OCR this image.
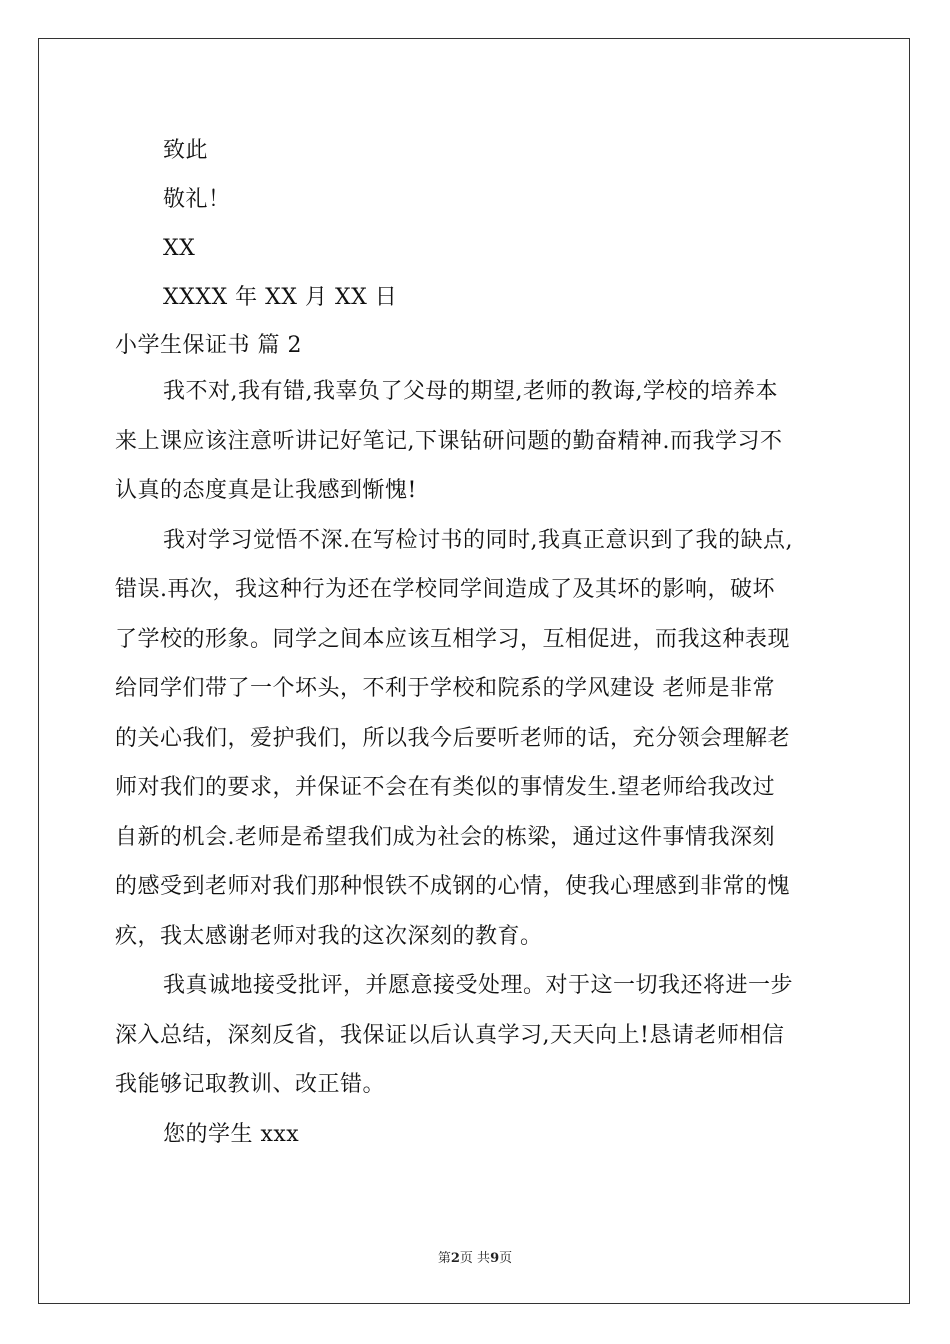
致此
敬礼！
XX
XXXX 年 XX 月 XX 日
小学生保证书 篇 2
我不对,我有错,我辜负了父母的期望,老师的教诲,学校的培养本
来上课应该注意听讲记好笔记,下课钻研问题的勤奋精神.而我学习不
认真的态度真是让我感到惭愧!
我对学习觉悟不深.在写检讨书的同时,我真正意识到了我的缺点,
错误.再次，我这种行为还在学校同学间造成了及其坏的影响，破坏
了学校的形象。同学之间本应该互相学习，互相促进，而我这种表现
给同学们带了一个坏头，不利于学校和院系的学风建设 老师是非常
的关心我们，爱护我们，所以我今后要听老师的话，充分领会理解老
师对我们的要求，并保证不会在有类似的事情发生.望老师给我改过
自新的机会.老师是希望我们成为社会的栋梁，通过这件事情我深刻
的感受到老师对我们那种恨铁不成钢的心情，使我心理感到非常的愧
疚，我太感谢老师对我的这次深刻的教育。
我真诚地接受批评，并愿意接受处理。对于这一切我还将进一步
深入总结，深刻反省，我保证以后认真学习,天天向上!恳请老师相信
我能够记取教训、改正错。
您的学生 xxx
第2页 共9页
